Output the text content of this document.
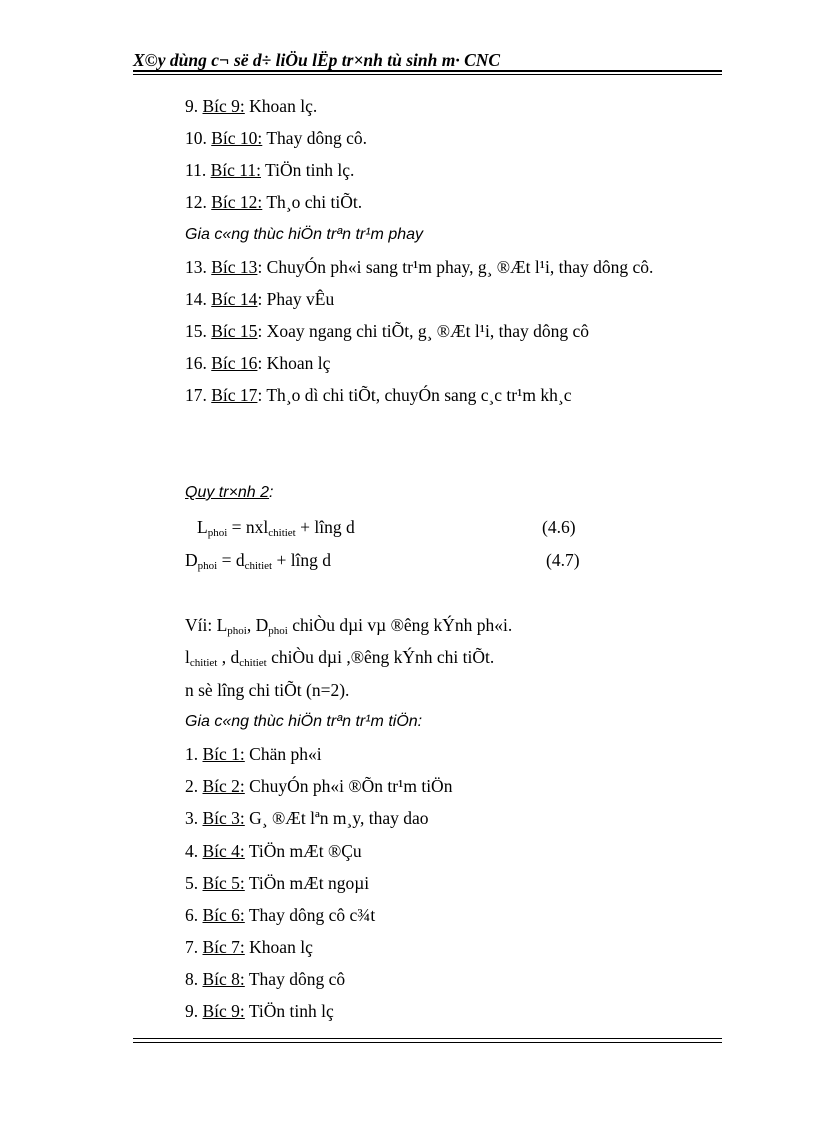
X©y dùng c¬ së d÷ liÖu lËp tr×nh tù sinh m· CNC
9. Bíc 9: Khoan lç.
10. Bíc 10: Thay dông cô.
11. Bíc 11: TiÖn tinh lç.
12. Bíc 12: Th¸o chi tiÕt.
Gia c«ng thùc hiÖn trªn tr¹m phay
13. Bíc 13: ChuyÓn ph«i sang tr¹m phay, g¸ ®Æt l¹i, thay dông cô.
14. Bíc 14: Phay vÊu
15. Bíc 15: Xoay ngang chi tiÕt, g¸ ®Æt l¹i, thay dông cô
16. Bíc 16: Khoan lç
17. Bíc 17: Th¸o dì chi tiÕt, chuyÓn sang c¸c tr¹m kh¸c
Quy tr×nh 2:
$L_{phoi} = nxl_{chitiet}$ + lîng d	(4.6)
$D_{phoi} = d_{chitiet}$ + lîng d	(4.7)
Víi: $L_{phoi}$, $D_{phoi}$ chiÒu dµi vµ ®êng kÝnh ph«i.
$l_{chitiet}$ , $d_{chitiet}$ chiÒu dµi ,®êng kÝnh chi tiÕt.
n sè lîng chi tiÕt (n=2).
Gia c«ng thùc hiÖn trªn tr¹m tiÖn:
1. Bíc 1: Chän ph«i
2. Bíc 2: ChuyÓn ph«i ®Õn tr¹m tiÖn
3. Bíc 3: G¸ ®Æt lªn m¸y, thay dao
4. Bíc 4: TiÖn mÆt ®Çu
5. Bíc 5: TiÖn mÆt ngoµi
6. Bíc 6: Thay dông cô c¾t
7. Bíc 7: Khoan lç
8. Bíc 8: Thay dông cô
9. Bíc 9: TiÖn tinh lç
